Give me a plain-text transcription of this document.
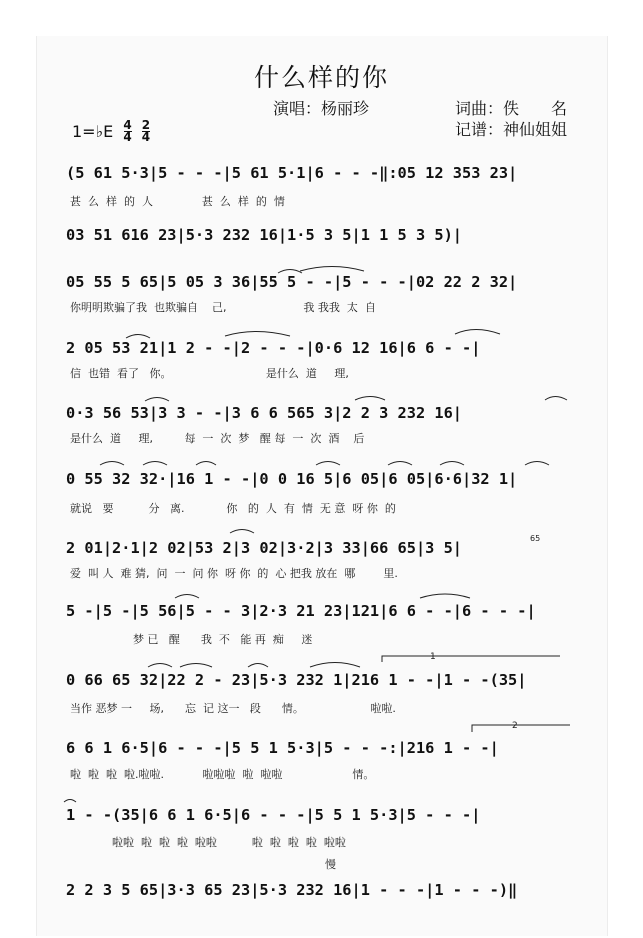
什么样的你
演唱：杨丽珍	词曲：佚　　名
记谱：神仙姐姐
1=♭E $\frac{4}{4}$
$\frac{2}{4}$
(5 61 5·3|5 - - -|5 61 5·1|6 - - -‖:05 12 353 23|
甚  么  样  的  人              甚  么  样  的  情
03 51 616 23|5·3 232 16|1·5 3 5|1 1 5 3 5)|
05 55 5 65|5 05 3 36|55 5 - -|5 - - -|02 22 2 32|
你明明欺骗了我  也欺骗自    己,                      我 我我  太  自
2 05 53 21|1 2 - -|2 - - -|0·6 12 16|6 6 - -|
信  也错  看了   你。                           是什么  道     理,
0·3 56 53|3 3 - -|3 6 6 565 3|2 2 3 232 16|
是什么  道     理,         每  一  次  梦   醒 每  一  次  酒    后
0 55 32 32·|16 1 - -|0 0 16 5|6 05|6 05|6·6|32 1|
就说   要          分   离.            你   的  人  有  情  无 意  呀 你  的
2 01|2·1|2 02|53 2|3 02|3·2|3 33|66 65|3 5|
爱  叫 人  难 猜,  问  一  问 你  呀 你  的  心 把我 放在  哪        里.
5 -|5 -|5 56|5 - - 3|2·3 21 23|121|6 6 - -|6 - - -|
梦 已   醒      我  不   能 再  痴     迷
0 66 65 32|22 2 - 23|5·3 232 1|216 1 - -|1 - -(35|
当作 恶梦 一     场,      忘  记 这一   段      情。                   啦啦.
6 6 1 6·5|6 - - -|5 5 1 5·3|5 - - -:|216 1 - -|
啦  啦  啦  啦.啦啦.           啦啦啦  啦  啦啦                    情。
1 - -(35|6 6 1 6·5|6 - - -|5 5 1 5·3|5 - - -|
啦啦  啦  啦  啦  啦啦          啦  啦  啦  啦  啦啦
慢
2 2 3 5 65|3·3 65 23|5·3 232 16|1 - - -|1 - - -)‖
1
2
65
